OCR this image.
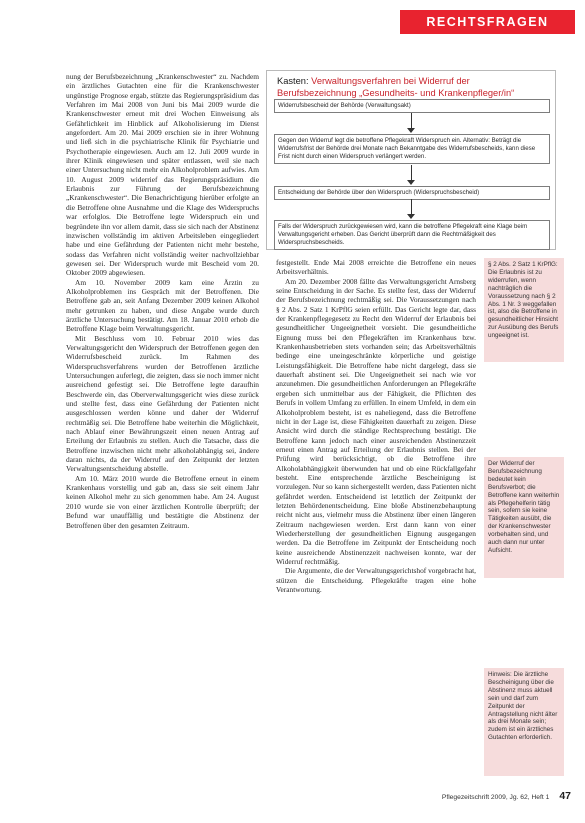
RECHTSFRAGEN

nung der Berufsbezeichnung „Krankenschwester“ zu. Nachdem ein ärztliches Gutachten eine für die Krankenschwester ungünstige Prognose ergab, stützte das Regierungspräsidium das Verfahren im Mai 2008 von Juni bis Mai 2009 wurde die Krankenschwester erneut mit drei Wochen Einweisung als Gefährlichkeit im Hinblick auf Alkoholisierung im Dienst angefordert. Am 20. Mai 2009 erschien sie in ihrer Wohnung und ließ sich in die psychiatrische Klinik für Psychiatrie und Psychotherapie eingewiesen. Auch am 12. Juli 2009 wurde in ihrer Klinik eingewiesen und später entlassen, weil sie nach einer Untersuchung nicht mehr ein Alkoholproblem aufwies. Am 10. August 2009 widerrief das Regierungspräsidium die Erlaubnis zur Führung der Berufsbezeichnung „Krankenschwester“. Die Benachrichtigung hierüber erfolgte an die Betroffene ohne Ausnahme und die Klage des Widerspruchs war erfolglos. Die Betroffene legte Widerspruch ein und begründete ihn vor allem damit, dass sie sich nach der Abstinenz inzwischen vollständig im aktiven Arbeitsleben eingegliedert habe und eine Gefährdung der Patienten nicht mehr bestehe, sodass das Verfahren nicht vollständig weiter nachvollziehbar gewesen sei. Der Widerspruch wurde mit Bescheid vom 20. Oktober 2009 abgewiesen.

Am 10. November 2009 kam eine Ärztin zu Alkoholproblemen ins Gespräch mit der Betroffenen. Die Betroffene gab an, seit Anfang Dezember 2009 keinen Alkohol mehr getrunken zu haben, und diese Angabe wurde durch ärztliche Untersuchung bestätigt. Am 18. Januar 2010 erhob die Betroffene Klage beim Verwaltungsgericht.

Mit Beschluss vom 10. Februar 2010 wies das Verwaltungsgericht den Widerspruch der Betroffenen gegen den Widerrufsbescheid zurück. Im Rahmen des Widerspruchsverfahrens wurden der Betroffenen ärztliche Untersuchungen auferlegt, die zeigten, dass sie noch immer nicht ausreichend gefestigt sei. Die Betroffene legte daraufhin Beschwerde ein, das Oberverwaltungsgericht wies diese zurück und stellte fest, dass eine Gefährdung der Patienten nicht ausgeschlossen werden könne und daher der Widerruf rechtmäßig sei. Die Betroffene habe weiterhin die Möglichkeit, nach Ablauf einer Bewährungszeit einen neuen Antrag auf Erteilung der Erlaubnis zu stellen. Auch die Tatsache, dass die Betroffene inzwischen nicht mehr alkoholabhängig sei, ändere daran nichts, da der Widerruf auf den Zeitpunkt der letzten Verwaltungsentscheidung abstelle.

Am 10. März 2010 wurde die Betroffene erneut in einem Krankenhaus vorstellig und gab an, dass sie seit einem Jahr keinen Alkohol mehr zu sich genommen habe. Am 24. August 2010 wurde sie von einer ärztlichen Kontrolle überprüft; der Befund war unauffällig und bestätigte die Abstinenz der Betroffenen über den gesamten Zeitraum.

Kasten: Verwaltungsverfahren bei Widerruf der Berufsbezeichnung „Gesundheits- und Krankenpfleger/in“
Widerrufsbescheid der Behörde (Verwaltungsakt)
Gegen den Widerruf legt die betroffene Pflegekraft Widerspruch ein. Alternativ: Beträgt die Widerrufsfrist der Behörde drei Monate nach Bekanntgabe des Widerrufsbescheids, kann diese Frist nicht durch einen Widerspruch verlängert werden.
Entscheidung der Behörde über den Widerspruch (Widerspruchsbescheid)
Falls der Widerspruch zurückgewiesen wird, kann die betroffene Pflegekraft eine Klage beim Verwaltungsgericht erheben. Das Gericht überprüft dann die Rechtmäßigkeit des Widerspruchsbescheids.

festgestellt. Ende Mai 2008 erreichte die Betroffene ein neues Arbeitsverhältnis.

Am 20. Dezember 2008 fällte das Verwaltungsgericht Arnsberg seine Entscheidung in der Sache. Es stellte fest, dass der Widerruf der Berufsbezeichnung rechtmäßig sei. Die Voraussetzungen nach § 2 Abs. 2 Satz 1 KrPflG seien erfüllt. Das Gericht legte dar, dass der Krankenpflegegesetz zu Recht den Widerruf der Erlaubnis bei gesundheitlicher Ungeeignetheit vorsieht. Die gesundheitliche Eignung muss bei den Pflegekräften im Krankenhaus bzw. Krankenhausbetrieben stets vorhanden sein; das Arbeitsverhältnis bedinge eine uneingeschränkte körperliche und geistige Leistungsfähigkeit. Die Betroffene habe nicht dargelegt, dass sie dauerhaft abstinent sei. Die Ungeeignetheit sei nach wie vor anzunehmen. Die gesundheitlichen Anforderungen an Pflegekräfte ergeben sich unmittelbar aus der Fähigkeit, die Pflichten des Berufs in vollem Umfang zu erfüllen. In einem Umfeld, in dem ein Alkoholproblem besteht, ist es naheliegend, dass die Betroffene nicht in der Lage ist, diese Fähigkeiten dauerhaft zu zeigen. Diese Ansicht wird durch die ständige Rechtsprechung bestätigt. Die Betroffene kann jedoch nach einer ausreichenden Abstinenzzeit erneut einen Antrag auf Erteilung der Erlaubnis stellen. Bei der Prüfung wird berücksichtigt, ob die Betroffene ihre Alkoholabhängigkeit überwunden hat und ob eine Rückfallgefahr besteht. Eine entsprechende ärztliche Bescheinigung ist vorzulegen. Nur so kann sichergestellt werden, dass Patienten nicht gefährdet werden. Entscheidend ist letztlich der Zeitpunkt der letzten Behördenentscheidung. Eine bloße Abstinenzbehauptung reicht nicht aus, vielmehr muss die Abstinenz über einen längeren Zeitraum nachgewiesen werden. Erst dann kann von einer Wiederherstellung der gesundheitlichen Eignung ausgegangen werden. Da die Betroffene im Zeitpunkt der Entscheidung noch keine ausreichende Abstinenzzeit nachweisen konnte, war der Widerruf rechtmäßig.

Die Argumente, die der Verwaltungsgerichtshof vorgebracht hat, stützen die Entscheidung. Pflegekräfte tragen eine hohe Verantwortung.

§ 2 Abs. 2 Satz 1 KrPflG: Die Erlaubnis ist zu widerrufen, wenn nachträglich die Voraussetzung nach § 2 Abs. 1 Nr. 3 weggefallen ist, also die Betroffene in gesundheitlicher Hinsicht zur Ausübung des Berufs ungeeignet ist.
Der Widerruf der Berufsbezeichnung bedeutet kein Berufsverbot; die Betroffene kann weiterhin als Pflegehelferin tätig sein, sofern sie keine Tätigkeiten ausübt, die der Krankenschwester vorbehalten sind, und auch dann nur unter Aufsicht.
Hinweis: Die ärztliche Bescheinigung über die Abstinenz muss aktuell sein und darf zum Zeitpunkt der Antragstellung nicht älter als drei Monate sein; zudem ist ein ärztliches Gutachten erforderlich.
Pflegezeitschrift 2009, Jg. 62, Heft 1 47
